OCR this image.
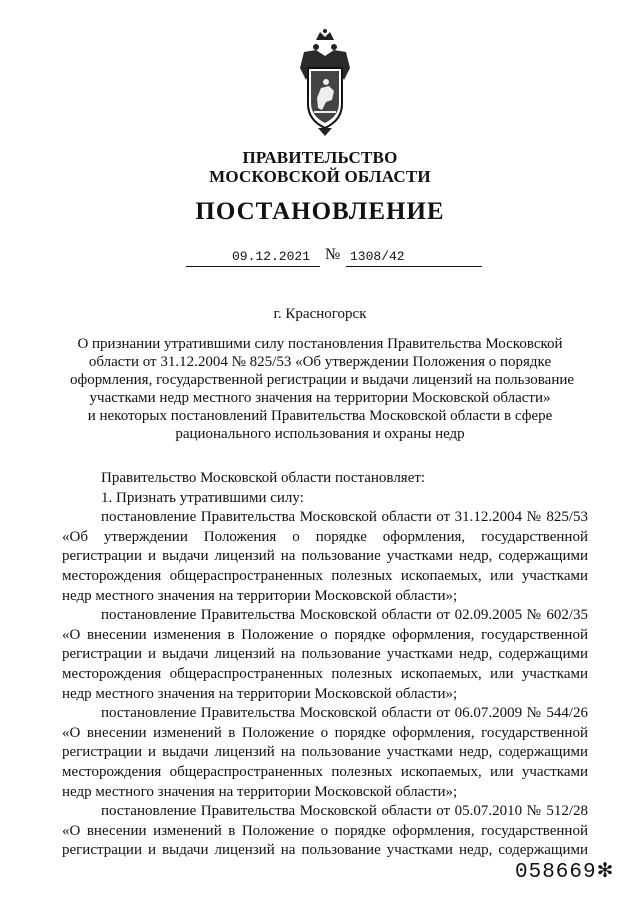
ПРАВИТЕЛЬСТВО
МОСКОВСКОЙ ОБЛАСТИ
ПОСТАНОВЛЕНИЕ
09.12.2021 № 1308/42
г. Красногорск
О признании утратившими силу постановления Правительства Московской
области от 31.12.2004 № 825/53 «Об утверждении Положения о порядке
оформления, государственной регистрации и выдачи лицензий на пользование
участками недр местного значения на территории Московской области»
и некоторых постановлений Правительства Московской области в сфере
рационального использования и охраны недр
Правительство Московской области постановляет:
1. Признать утратившими силу:
постановление Правительства Московской области от 31.12.2004 № 825/53
«Об утверждении Положения о порядке оформления, государственной
регистрации и выдачи лицензий на пользование участками недр, содержащими
месторождения общераспространенных полезных ископаемых, или участками
недр местного значения на территории Московской области»;
постановление Правительства Московской области от 02.09.2005 № 602/35
«О внесении изменения в Положение о порядке оформления, государственной
регистрации и выдачи лицензий на пользование участками недр, содержащими
месторождения общераспространенных полезных ископаемых, или участками
недр местного значения на территории Московской области»;
постановление Правительства Московской области от 06.07.2009 № 544/26
«О внесении изменений в Положение о порядке оформления, государственной
регистрации и выдачи лицензий на пользование участками недр, содержащими
месторождения общераспространенных полезных ископаемых, или участками
недр местного значения на территории Московской области»;
постановление Правительства Московской области от 05.07.2010 № 512/28
«О внесении изменений в Положение о порядке оформления, государственной
регистрации и выдачи лицензий на пользование участками недр, содержащими
058669✻
